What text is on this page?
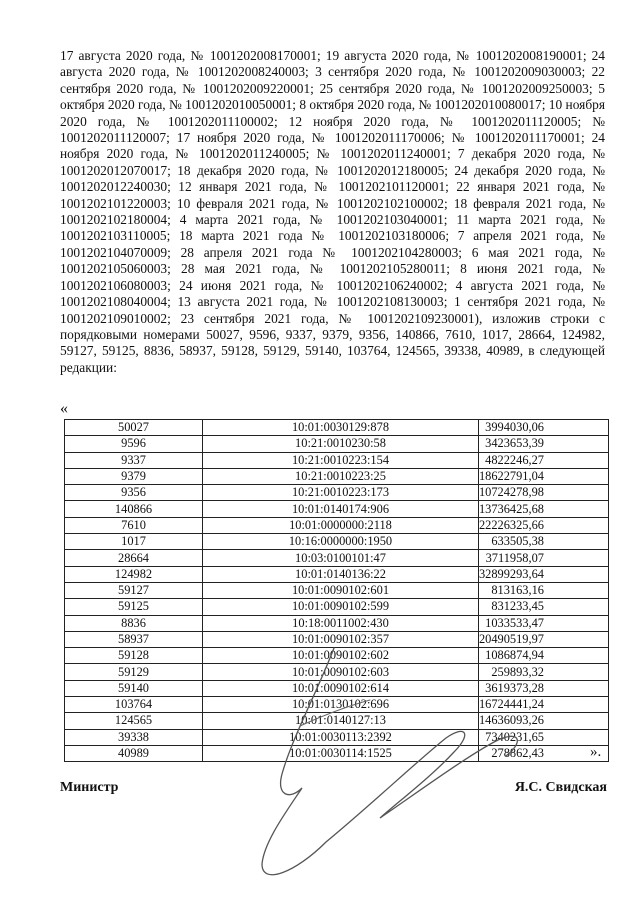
17 августа 2020 года, № 1001202008170001; 19 августа 2020 года, № 1001202008190001; 24 августа 2020 года, № 1001202008240003; 3 сентября 2020 года, № 1001202009030003; 22 сентября 2020 года, № 1001202009220001; 25 сентября 2020 года, № 1001202009250003; 5 октября 2020 года, № 1001202010050001; 8 октября 2020 года, № 1001202010080017; 10 ноября 2020 года, № 1001202011100002; 12 ноября 2020 года, № 1001202011120005; № 1001202011120007; 17 ноября 2020 года, № 1001202011170006; № 1001202011170001; 24 ноября 2020 года, № 1001202011240005; № 1001202011240001; 7 декабря 2020 года, № 1001202012070017; 18 декабря 2020 года, № 1001202012180005; 24 декабря 2020 года, № 1001202012240030; 12 января 2021 года, № 1001202101120001; 22 января 2021 года, № 1001202101220003; 10 февраля 2021 года, № 1001202102100002; 18 февраля 2021 года, № 1001202102180004; 4 марта 2021 года, № 1001202103040001; 11 марта 2021 года, № 1001202103110005; 18 марта 2021 года № 1001202103180006; 7 апреля 2021 года, № 1001202104070009; 28 апреля 2021 года № 1001202104280003; 6 мая 2021 года, № 1001202105060003; 28 мая 2021 года, № 1001202105280011; 8 июня 2021 года, № 1001202106080003; 24 июня 2021 года, № 1001202106240002; 4 августа 2021 года, № 1001202108040004; 13 августа 2021 года, № 1001202108130003; 1 сентября 2021 года, № 1001202109010002; 23 сентября 2021 года, № 1001202109230001), изложив строки с порядковыми номерами 50027, 9596, 9337, 9379, 9356, 140866, 7610, 1017, 28664, 124982, 59127, 59125, 8836, 58937, 59128, 59129, 59140, 103764, 124565, 39338, 40989, в следующей редакции:
«
50027	10:01:0030129:878	3994030,06
9596	10:21:0010230:58	3423653,39
9337	10:21:0010223:154	4822246,27
9379	10:21:0010223:25	18622791,04
9356	10:21:0010223:173	10724278,98
140866	10:01:0140174:906	13736425,68
7610	10:01:0000000:2118	22226325,66
1017	10:16:0000000:1950	633505,38
28664	10:03:0100101:47	3711958,07
124982	10:01:0140136:22	32899293,64
59127	10:01:0090102:601	813163,16
59125	10:01:0090102:599	831233,45
8836	10:18:0011002:430	1033533,47
58937	10:01:0090102:357	20490519,97
59128	10:01:0090102:602	1086874,94
59129	10:01:0090102:603	259893,32
59140	10:01:0090102:614	3619373,28
103764	10:01:0130102:696	16724441,24
124565	10:01:0140127:13	14636093,26
39338	10:01:0030113:2392	7340231,65
40989	10:01:0030114:1525	278862,43	».
Министр	Я.С. Свидская
